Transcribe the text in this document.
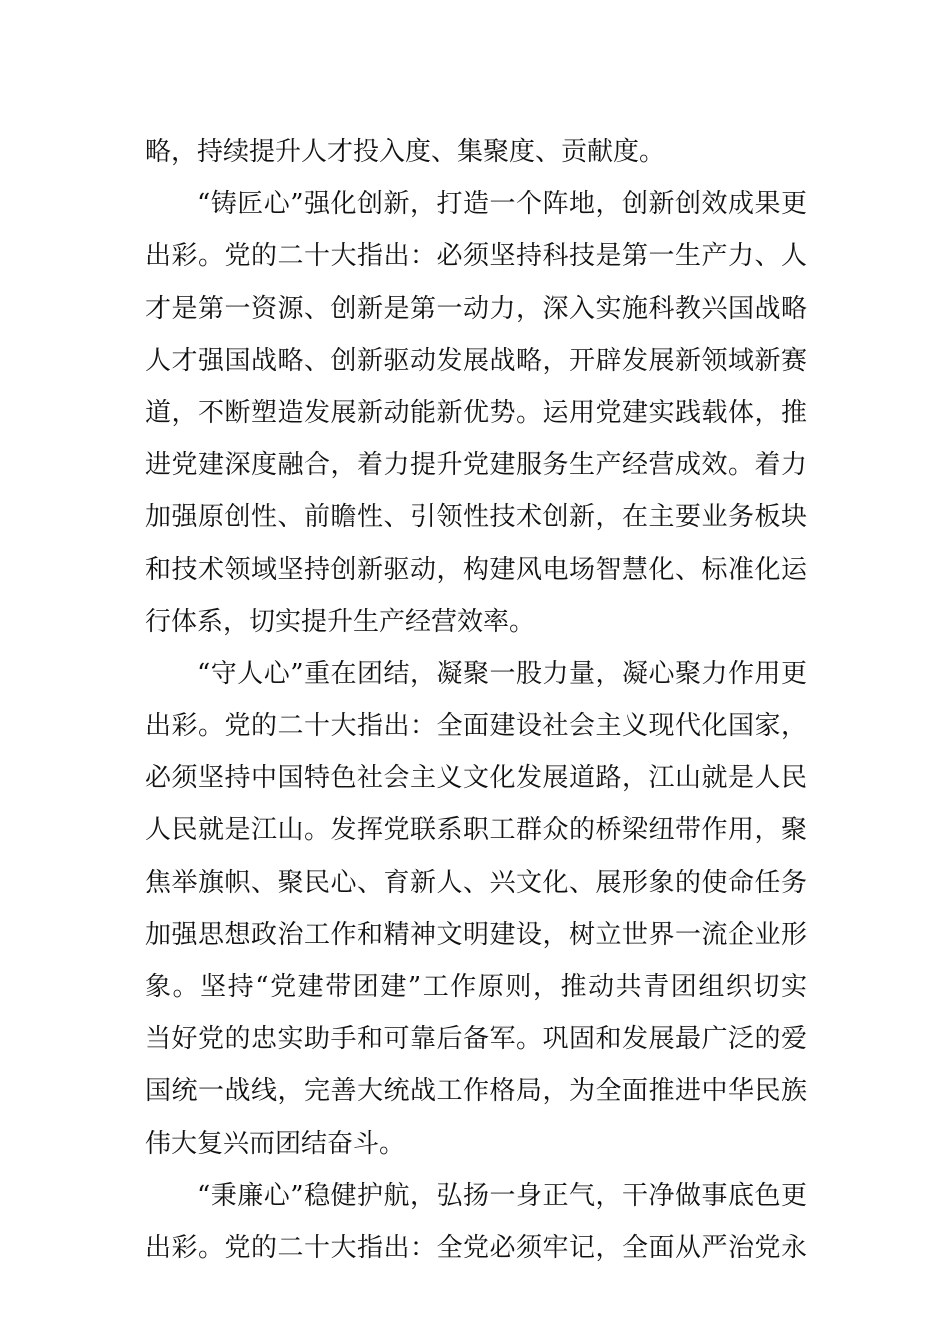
略，持续提升人才投入度、集聚度、贡献度。
“铸匠心”强化创新，打造一个阵地，创新创效成果更
出彩。党的二十大指出：必须坚持科技是第一生产力、人
才是第一资源、创新是第一动力，深入实施科教兴国战略
人才强国战略、创新驱动发展战略，开辟发展新领域新赛
道，不断塑造发展新动能新优势。运用党建实践载体，推
进党建深度融合，着力提升党建服务生产经营成效。着力
加强原创性、前瞻性、引领性技术创新，在主要业务板块
和技术领域坚持创新驱动，构建风电场智慧化、标准化运
行体系，切实提升生产经营效率。
“守人心”重在团结，凝聚一股力量，凝心聚力作用更
出彩。党的二十大指出：全面建设社会主义现代化国家，
必须坚持中国特色社会主义文化发展道路，江山就是人民
人民就是江山。发挥党联系职工群众的桥梁纽带作用，聚
焦举旗帜、聚民心、育新人、兴文化、展形象的使命任务
加强思想政治工作和精神文明建设，树立世界一流企业形
象。坚持“党建带团建”工作原则，推动共青团组织切实
当好党的忠实助手和可靠后备军。巩固和发展最广泛的爱
国统一战线，完善大统战工作格局，为全面推进中华民族
伟大复兴而团结奋斗。
“秉廉心”稳健护航，弘扬一身正气，干净做事底色更
出彩。党的二十大指出：全党必须牢记，全面从严治党永
